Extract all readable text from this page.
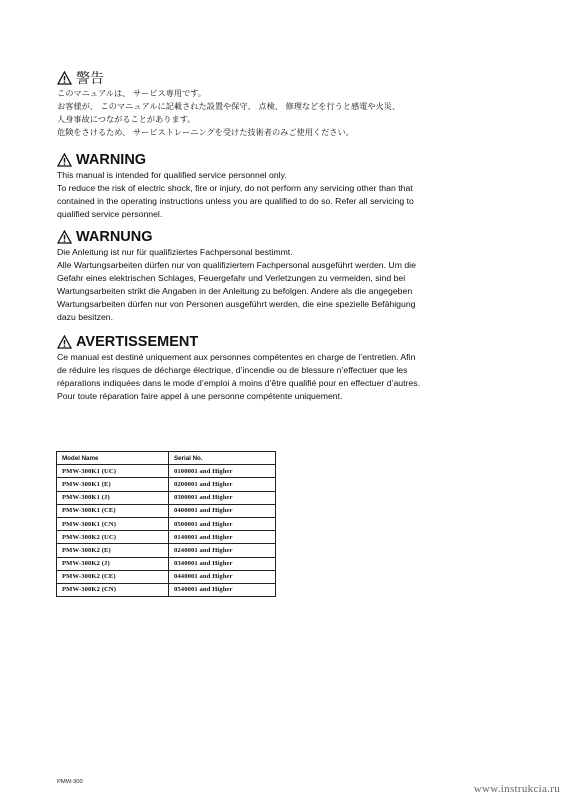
警告

このマニュアルは、 サービス専用です。

お客様が、 このマニュアルに記載された設置や保守、 点検、 修理などを行うと感電や火災、

人身事故につながることがあります。

危険をさけるため、 サービストレーニングを受けた技術者のみご使用ください。

WARNING

This manual is intended for qualified service personnel only.

To reduce the risk of electric shock, fire or injury, do not perform any servicing other than that

contained in the operating instructions unless you are qualified to do so. Refer all servicing to

qualified service personnel.

WARNUNG

Die Anleitung ist nur für qualifiziertes Fachpersonal bestimmt.

Alle Wartungsarbeiten dürfen nur von qualifiziertem Fachpersonal ausgeführt werden. Um die

Gefahr eines elektrischen Schlages, Feuergefahr und Verletzungen zu vermeiden, sind bei

Wartungsarbeiten strikt die Angaben in der Anleitung zu befolgen. Andere als die angegeben

Wartungsarbeiten dürfen nur von Personen ausgeführt werden, die eine spezielle Befähigung

dazu besitzen.

AVERTISSEMENT

Ce manual est destiné uniquement aux personnes compétentes en charge de l’entretien. Afin

de réduire les risques de décharge électrique, d’incendie ou de blessure n’effectuer que les

réparations indiquées dans le mode d’emploi à moins d’être qualifié pour en effectuer d’autres.

Pour toute réparation faire appel à une personne compétente uniquement.

Model Name	Serial No.
PMW-300K1 (UC)	0100001 and Higher
PMW-300K1 (E)	0200001 and Higher
PMW-300K1 (J)	0300001 and Higher
PMW-300K1 (CE)	0400001 and Higher
PMW-300K1 (CN)	0500001 and Higher
PMW-300K2 (UC)	0140001 and Higher
PMW-300K2 (E)	0240001 and Higher
PMW-300K2 (J)	0340001 and Higher
PMW-300K2 (CE)	0440001 and Higher
PMW-300K2 (CN)	0540001 and Higher
PMW-300
www.instrukcia.ru
